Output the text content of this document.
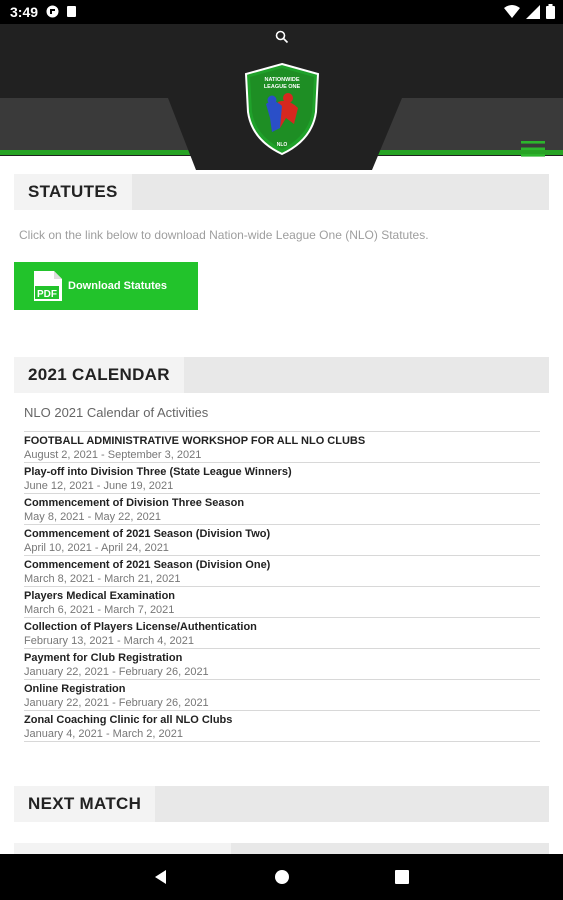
3:49
NATIONWIDE
LEAGUE ONE
NLO
STATUTES
Click on the link below to download Nation-wide League One (NLO) Statutes.
PDF
Download Statutes
2021 CALENDAR
NLO 2021 Calendar of Activities
FOOTBALL ADMINISTRATIVE WORKSHOP FOR ALL NLO CLUBS
August 2, 2021 - September 3, 2021
Play-off into Division Three (State League Winners)
June 12, 2021 - June 19, 2021
Commencement of Division Three Season
May 8, 2021 - May 22, 2021
Commencement of 2021 Season (Division Two)
April 10, 2021 - April 24, 2021
Commencement of 2021 Season (Division One)
March 8, 2021 - March 21, 2021
Players Medical Examination
March 6, 2021 - March 7, 2021
Collection of Players License/Authentication
February 13, 2021 - March 4, 2021
Payment for Club Registration
January 22, 2021 - February 26, 2021
Online Registration
January 22, 2021 - February 26, 2021
Zonal Coaching Clinic for all NLO Clubs
January 4, 2021 - March 2, 2021
NEXT MATCH
